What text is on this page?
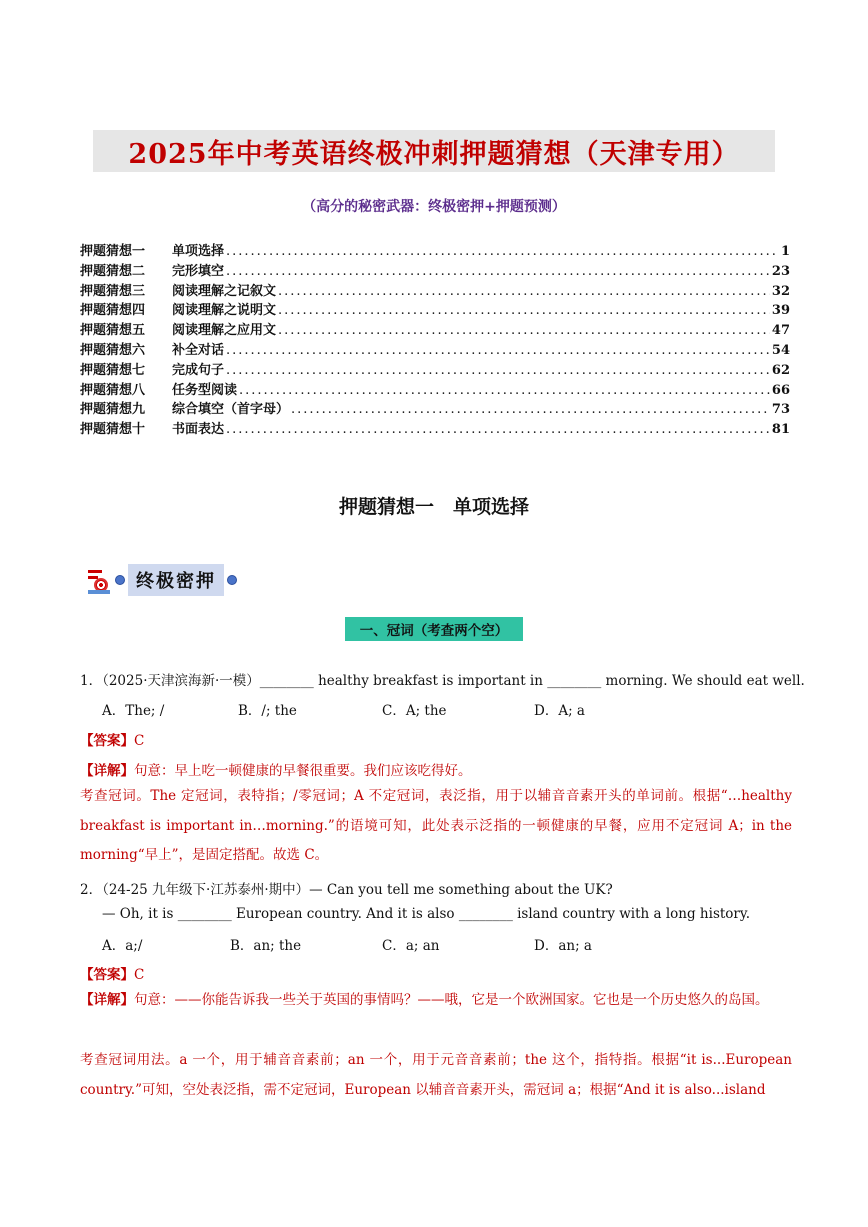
2025年中考英语终极冲刺押题猜想（天津专用）
（高分的秘密武器：终极密押+押题预测）
押题猜想一	单项选择 .....	1
押题猜想二	完形填空 .....	23
押题猜想三	阅读理解之记叙文 .....	32
押题猜想四	阅读理解之说明文 .....	39
押题猜想五	阅读理解之应用文 .....	47
押题猜想六	补全对话 .....	54
押题猜想七	完成句子 .....	62
押题猜想八	任务型阅读 .....	66
押题猜想九	综合填空（首字母） .....	73
押题猜想十	书面表达 .....	81
押题猜想一　单项选择
终极密押
一、冠词（考查两个空）
1．（2025·天津滨海新·一模）________ healthy breakfast is important in ________ morning. We should eat well.
A．The; /	B．/; the	C．A; the	D．A; a
【答案】C
【详解】句意：早上吃一顿健康的早餐很重要。我们应该吃得好。
考查冠词。The 定冠词，表特指；/零冠词；A 不定冠词，表泛指，用于以辅音音素开头的单词前。根据“…healthy breakfast is important in…morning.”的语境可知，此处表示泛指的一顿健康的早餐，应用不定冠词 A；in the morning“早上”，是固定搭配。故选 C。
2．（24-25 九年级下·江苏泰州·期中）— Can you tell me something about the UK?
— Oh, it is ________ European country. And it is also ________ island country with a long history.
A．a;/	B．an; the	C．a; an	D．an; a
【答案】C
【详解】句意：——你能告诉我一些关于英国的事情吗？——哦，它是一个欧洲国家。它也是一个历史悠久的岛国。
考查冠词用法。a 一个，用于辅音音素前；an 一个，用于元音音素前；the 这个，指特指。根据“it is...European country.”可知，空处表泛指，需不定冠词，European 以辅音音素开头，需冠词 a；根据“And it is also...island
